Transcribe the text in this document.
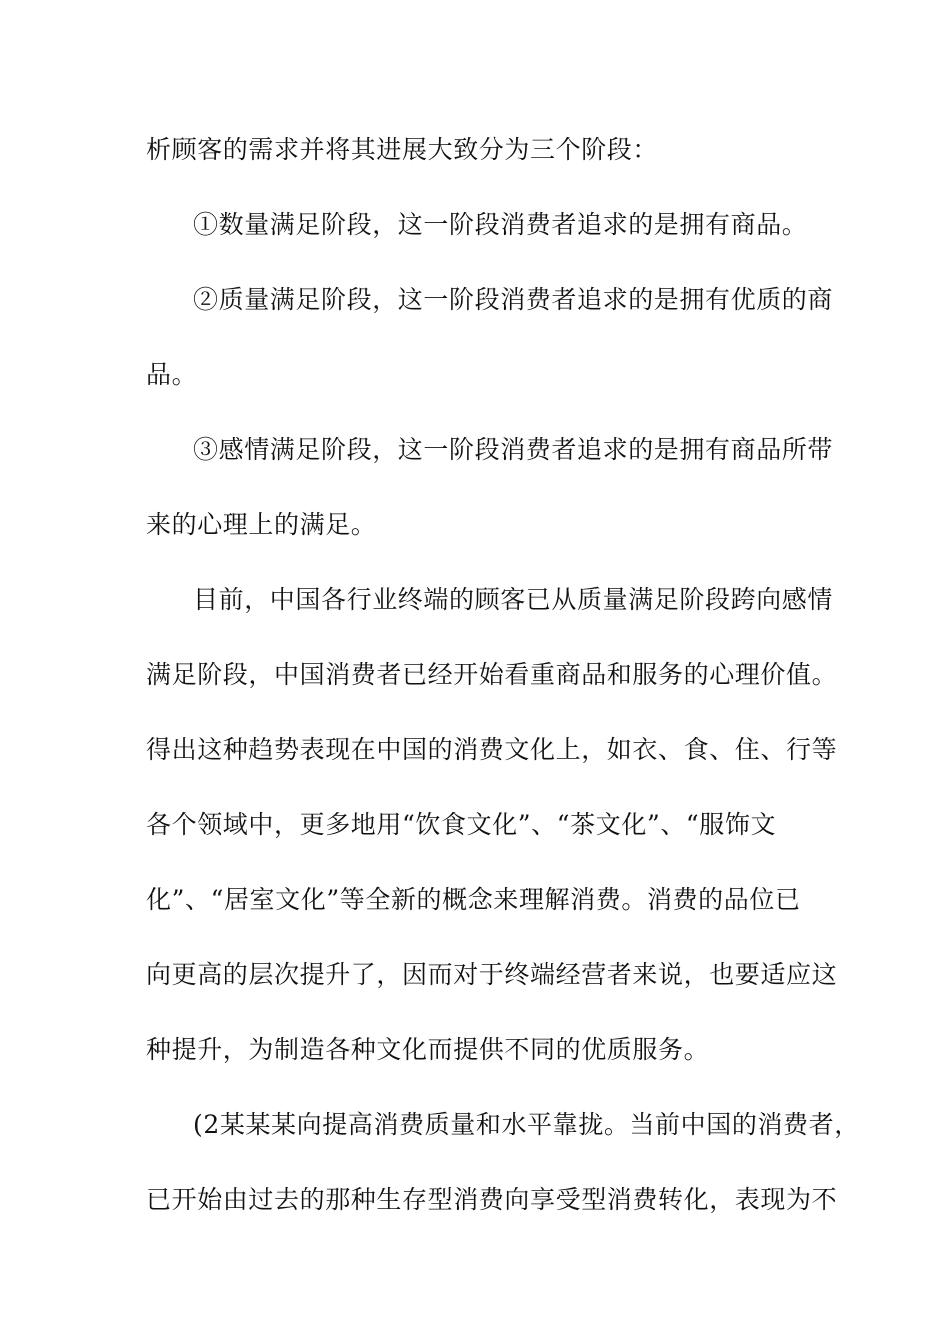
析顾客的需求并将其进展大致分为三个阶段：
①数量满足阶段，这一阶段消费者追求的是拥有商品。
②质量满足阶段，这一阶段消费者追求的是拥有优质的商
品。
③感情满足阶段，这一阶段消费者追求的是拥有商品所带
来的心理上的满足。
目前，中国各行业终端的顾客已从质量满足阶段跨向感情
满足阶段，中国消费者已经开始看重商品和服务的心理价值。
得出这种趋势表现在中国的消费文化上，如衣、食、住、行等
各个领域中，更多地用“饮食文化”、“茶文化”、“服饰文
化”、“居室文化”等全新的概念来理解消费。消费的品位已
向更高的层次提升了，因而对于终端经营者来说，也要适应这
种提升，为制造各种文化而提供不同的优质服务。
(2某某某向提高消费质量和水平靠拢。当前中国的消费者，
已开始由过去的那种生存型消费向享受型消费转化，表现为不
